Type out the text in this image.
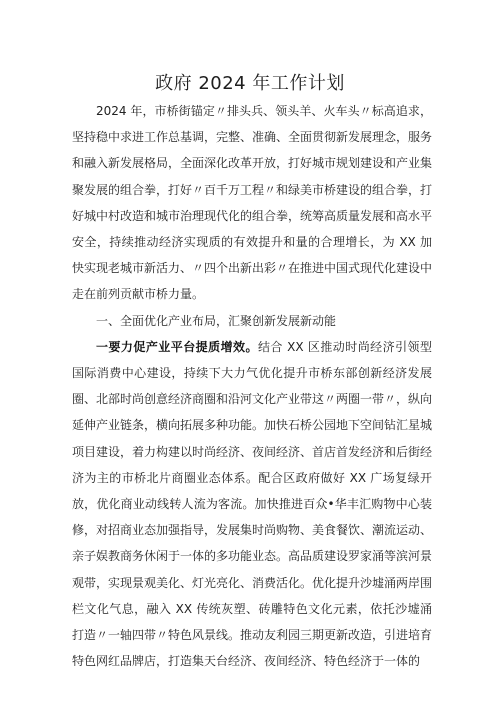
政府 2024 年工作计划

2024 年，市桥街锚定〃排头兵、领头羊、火车头〃标高追求，坚持稳中求进工作总基调，完整、准确、全面贯彻新发展理念，服务和融入新发展格局，全面深化改革开放，打好城市规划建设和产业集聚发展的组合拳，打好〃百千万工程〃和绿美市桥建设的组合拳，打好城中村改造和城市治理现代化的组合拳，统筹高质量发展和高水平安全，持续推动经济实现质的有效提升和量的合理增长，为 XX 加快实现老城市新活力、〃四个出新出彩〃在推进中国式现代化建设中走在前列贡献市桥力量。

一、全面优化产业布局，汇聚创新发展新动能

一要力促产业平台提质增效。结合 XX 区推动时尚经济引领型国际消费中心建设，持续下大力气优化提升市桥东部创新经济发展圈、北部时尚创意经济商圈和沿河文化产业带这〃两圈一带〃，纵向延伸产业链条，横向拓展多种功能。加快石桥公园地下空间钻汇星城项目建设，着力构建以时尚经济、夜间经济、首店首发经济和后街经济为主的市桥北片商圈业态体系。配合区政府做好 XX 广场复绿开放，优化商业动线转人流为客流。加快推进百众•华丰汇购物中心装修，对招商业态加强指导，发展集时尚购物、美食餐饮、潮流运动、亲子娱教商务休闲于一体的多功能业态。高品质建设罗家涌等滨河景观带，实现景观美化、灯光亮化、消费活化。优化提升沙墟涌两岸围栏文化气息，融入 XX 传统灰塑、砖雕特色文化元素，依托沙墟涌打造〃一轴四带〃特色风景线。推动友利园三期更新改造，引进培育特色网红品牌店，打造集天台经济、夜间经济、特色经济于一体的
